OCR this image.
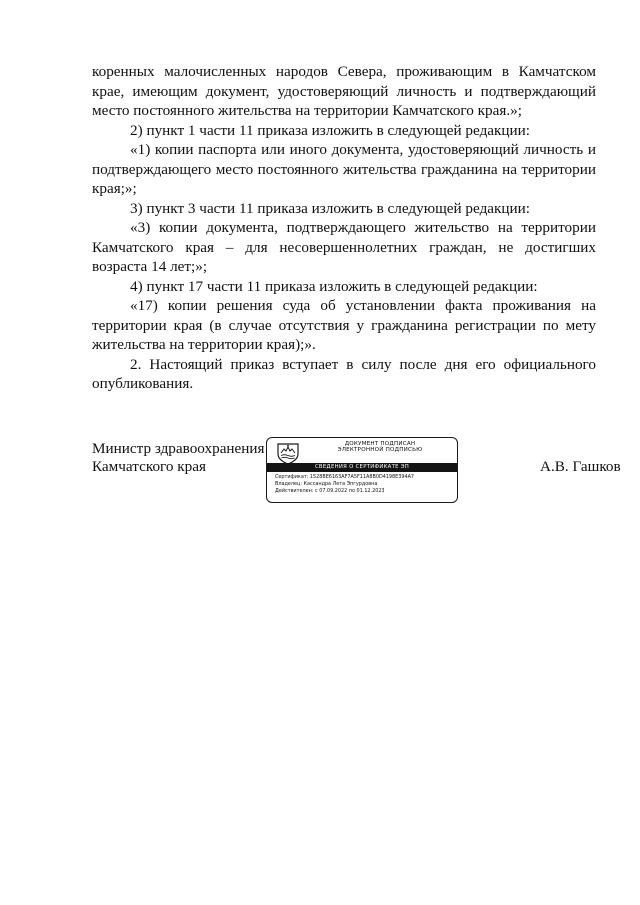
коренных малочисленных народов Севера, проживающим в Камчатском крае, имеющим документ, удостоверяющий личность и подтверждающий место постоянного жительства на территории Камчатского края.»;

2) пункт 1 части 11 приказа изложить в следующей редакции:

«1) копии паспорта или иного документа, удостоверяющий личность и подтверждающего место постоянного жительства гражданина на территории края;»;

3) пункт 3 части 11 приказа изложить в следующей редакции:

«3) копии документа, подтверждающего жительство на территории Камчатского края – для несовершеннолетних граждан, не достигших возраста 14 лет;»;

4) пункт 17 части 11 приказа изложить в следующей редакции:

«17) копии решения суда об установлении факта проживания на территории края (в случае отсутствия у гражданина регистрации по мету жительства на территории края);».

2. Настоящий приказ вступает в силу после дня его официального опубликования.

Министр здравоохранения
Камчатского края
ДОКУМЕНТ ПОДПИСАН
ЭЛЕКТРОННОЙ ПОДПИСЬЮ
СВЕДЕНИЯ О СЕРТИФИКАТЕ ЭП
Сертификат: 1528BE6163AF7A5F11A8B0D4198E394A7
Владелец: Кассандра Лета Эпгурдовна
Действителен: с 07.09.2022 по 01.12.2023
А.В. Гашков
